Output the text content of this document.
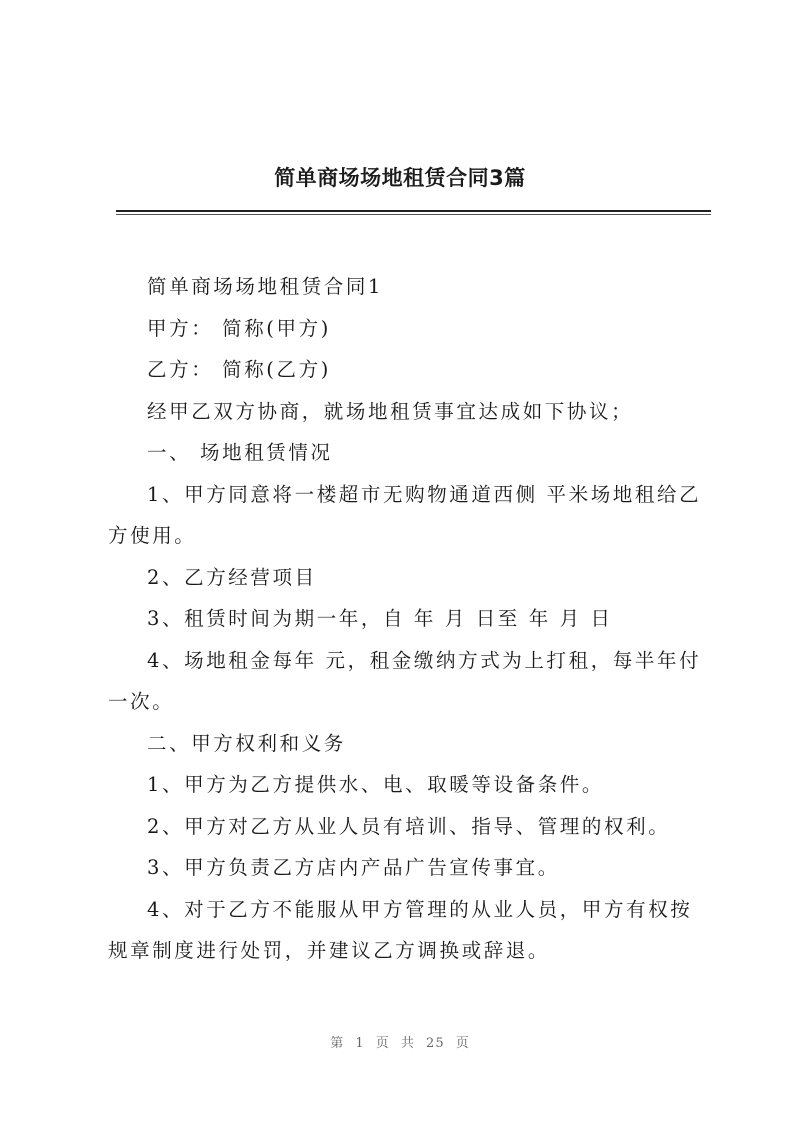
简单商场场地租赁合同3篇

简单商场场地租赁合同1

甲方： 简称(甲方)

乙方： 简称(乙方)

经甲乙双方协商，就场地租赁事宜达成如下协议；

一、 场地租赁情况

1、甲方同意将一楼超市无购物通道西侧 平米场地租给乙方使用。

2、乙方经营项目

3、租赁时间为期一年，自 年 月 日至 年 月 日

4、场地租金每年 元，租金缴纳方式为上打租，每半年付一次。

二、甲方权利和义务

1、甲方为乙方提供水、电、取暖等设备条件。

2、甲方对乙方从业人员有培训、指导、管理的权利。

3、甲方负责乙方店内产品广告宣传事宜。

4、对于乙方不能服从甲方管理的从业人员，甲方有权按规章制度进行处罚，并建议乙方调换或辞退。

第 1 页 共 25 页
